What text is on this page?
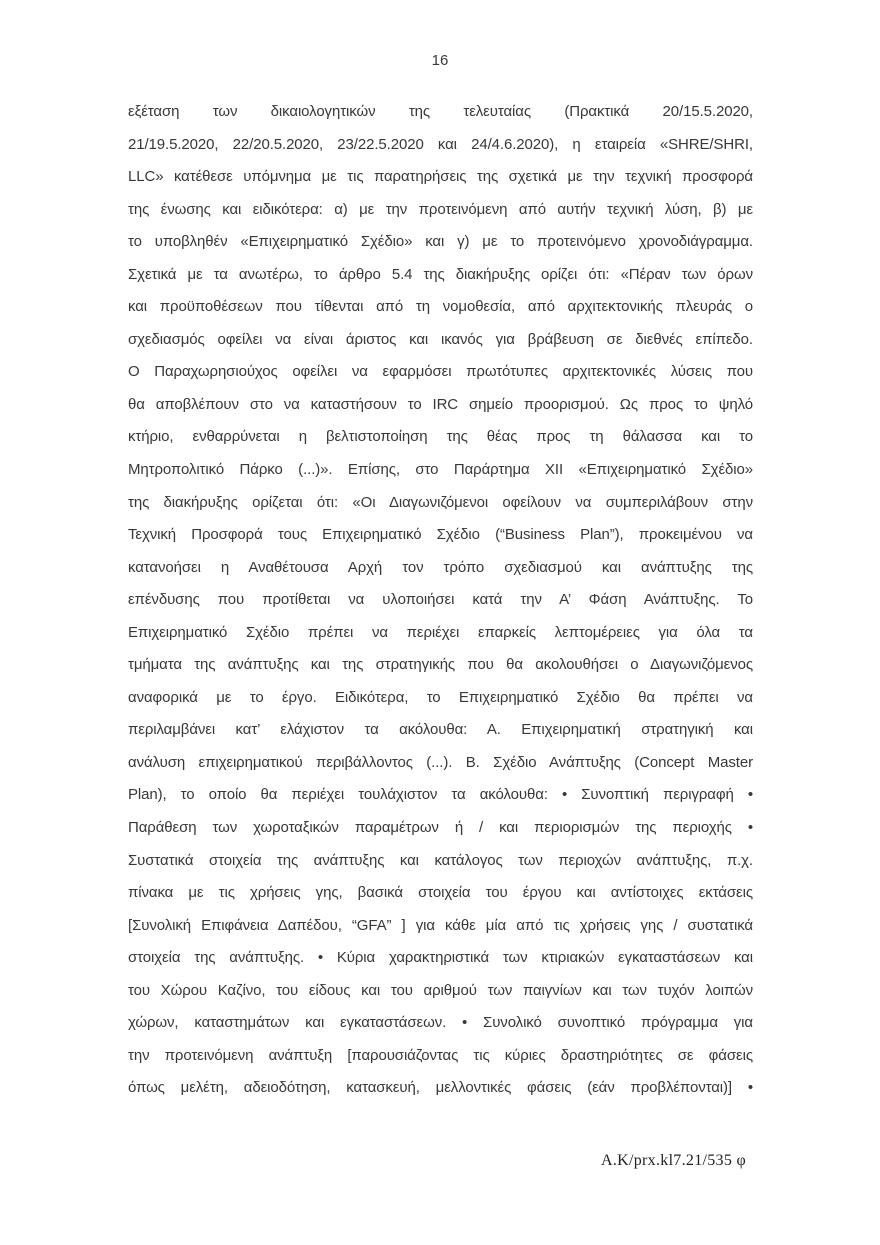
16
εξέταση των δικαιολογητικών της τελευταίας (Πρακτικά 20/15.5.2020,
21/19.5.2020, 22/20.5.2020, 23/22.5.2020 και 24/4.6.2020), η εταιρεία «SHRE/SHRI,
LLC» κατέθεσε υπόμνημα με τις παρατηρήσεις της σχετικά με την τεχνική προσφορά
της ένωσης και ειδικότερα: α) με την προτεινόμενη από αυτήν τεχνική λύση, β) με
το υποβληθέν «Επιχειρηματικό Σχέδιο» και γ) με το προτεινόμενο χρονοδιάγραμμα.
Σχετικά με τα ανωτέρω, το άρθρο 5.4 της διακήρυξης ορίζει ότι: «Πέραν των όρων
και προϋποθέσεων που τίθενται από τη νομοθεσία, από αρχιτεκτονικής πλευράς ο
σχεδιασμός οφείλει να είναι άριστος και ικανός για βράβευση σε διεθνές επίπεδο.
Ο Παραχωρησιούχος οφείλει να εφαρμόσει πρωτότυπες αρχιτεκτονικές λύσεις που
θα αποβλέπουν στο να καταστήσουν το IRC σημείο προορισμού. Ως προς το ψηλό
κτήριο, ενθαρρύνεται η βελτιστοποίηση της θέας προς τη θάλασσα και το
Μητροπολιτικό Πάρκο (...)». Επίσης, στο Παράρτημα XII «Επιχειρηματικό Σχέδιο»
της διακήρυξης ορίζεται ότι: «Οι Διαγωνιζόμενοι οφείλουν να συμπεριλάβουν στην
Τεχνική Προσφορά τους Επιχειρηματικό Σχέδιο (“Business Plan”), προκειμένου να
κατανοήσει η Αναθέτουσα Αρχή τον τρόπο σχεδιασμού και ανάπτυξης της
επένδυσης που προτίθεται να υλοποιήσει κατά την Α’ Φάση Ανάπτυξης. Το
Επιχειρηματικό Σχέδιο πρέπει να περιέχει επαρκείς λεπτομέρειες για όλα τα
τμήματα της ανάπτυξης και της στρατηγικής που θα ακολουθήσει ο Διαγωνιζόμενος
αναφορικά με το έργο. Ειδικότερα, το Επιχειρηματικό Σχέδιο θα πρέπει να
περιλαμβάνει κατ’ ελάχιστον τα ακόλουθα: Α. Επιχειρηματική στρατηγική και
ανάλυση επιχειρηματικού περιβάλλοντος (...). Β. Σχέδιο Ανάπτυξης (Concept Master
Plan), το οποίο θα περιέχει τουλάχιστον τα ακόλουθα: • Συνοπτική περιγραφή •
Παράθεση των χωροταξικών παραμέτρων ή / και περιορισμών της περιοχής •
Συστατικά στοιχεία της ανάπτυξης και κατάλογος των περιοχών ανάπτυξης, π.χ.
πίνακα με τις χρήσεις γης, βασικά στοιχεία του έργου και αντίστοιχες εκτάσεις
[Συνολική Επιφάνεια Δαπέδου, “GFA” ] για κάθε μία από τις χρήσεις γης / συστατικά
στοιχεία της ανάπτυξης. • Κύρια χαρακτηριστικά των κτιριακών εγκαταστάσεων και
του Χώρου Καζίνο, του είδους και του αριθμού των παιγνίων και των τυχόν λοιπών
χώρων, καταστημάτων και εγκαταστάσεων. • Συνολικό συνοπτικό πρόγραμμα για
την προτεινόμενη ανάπτυξη [παρουσιάζοντας τις κύριες δραστηριότητες σε φάσεις
όπως μελέτη, αδειοδότηση, κατασκευή, μελλοντικές φάσεις (εάν προβλέπονται)] •
Α.Κ/prx.kl7.21/535 φ
